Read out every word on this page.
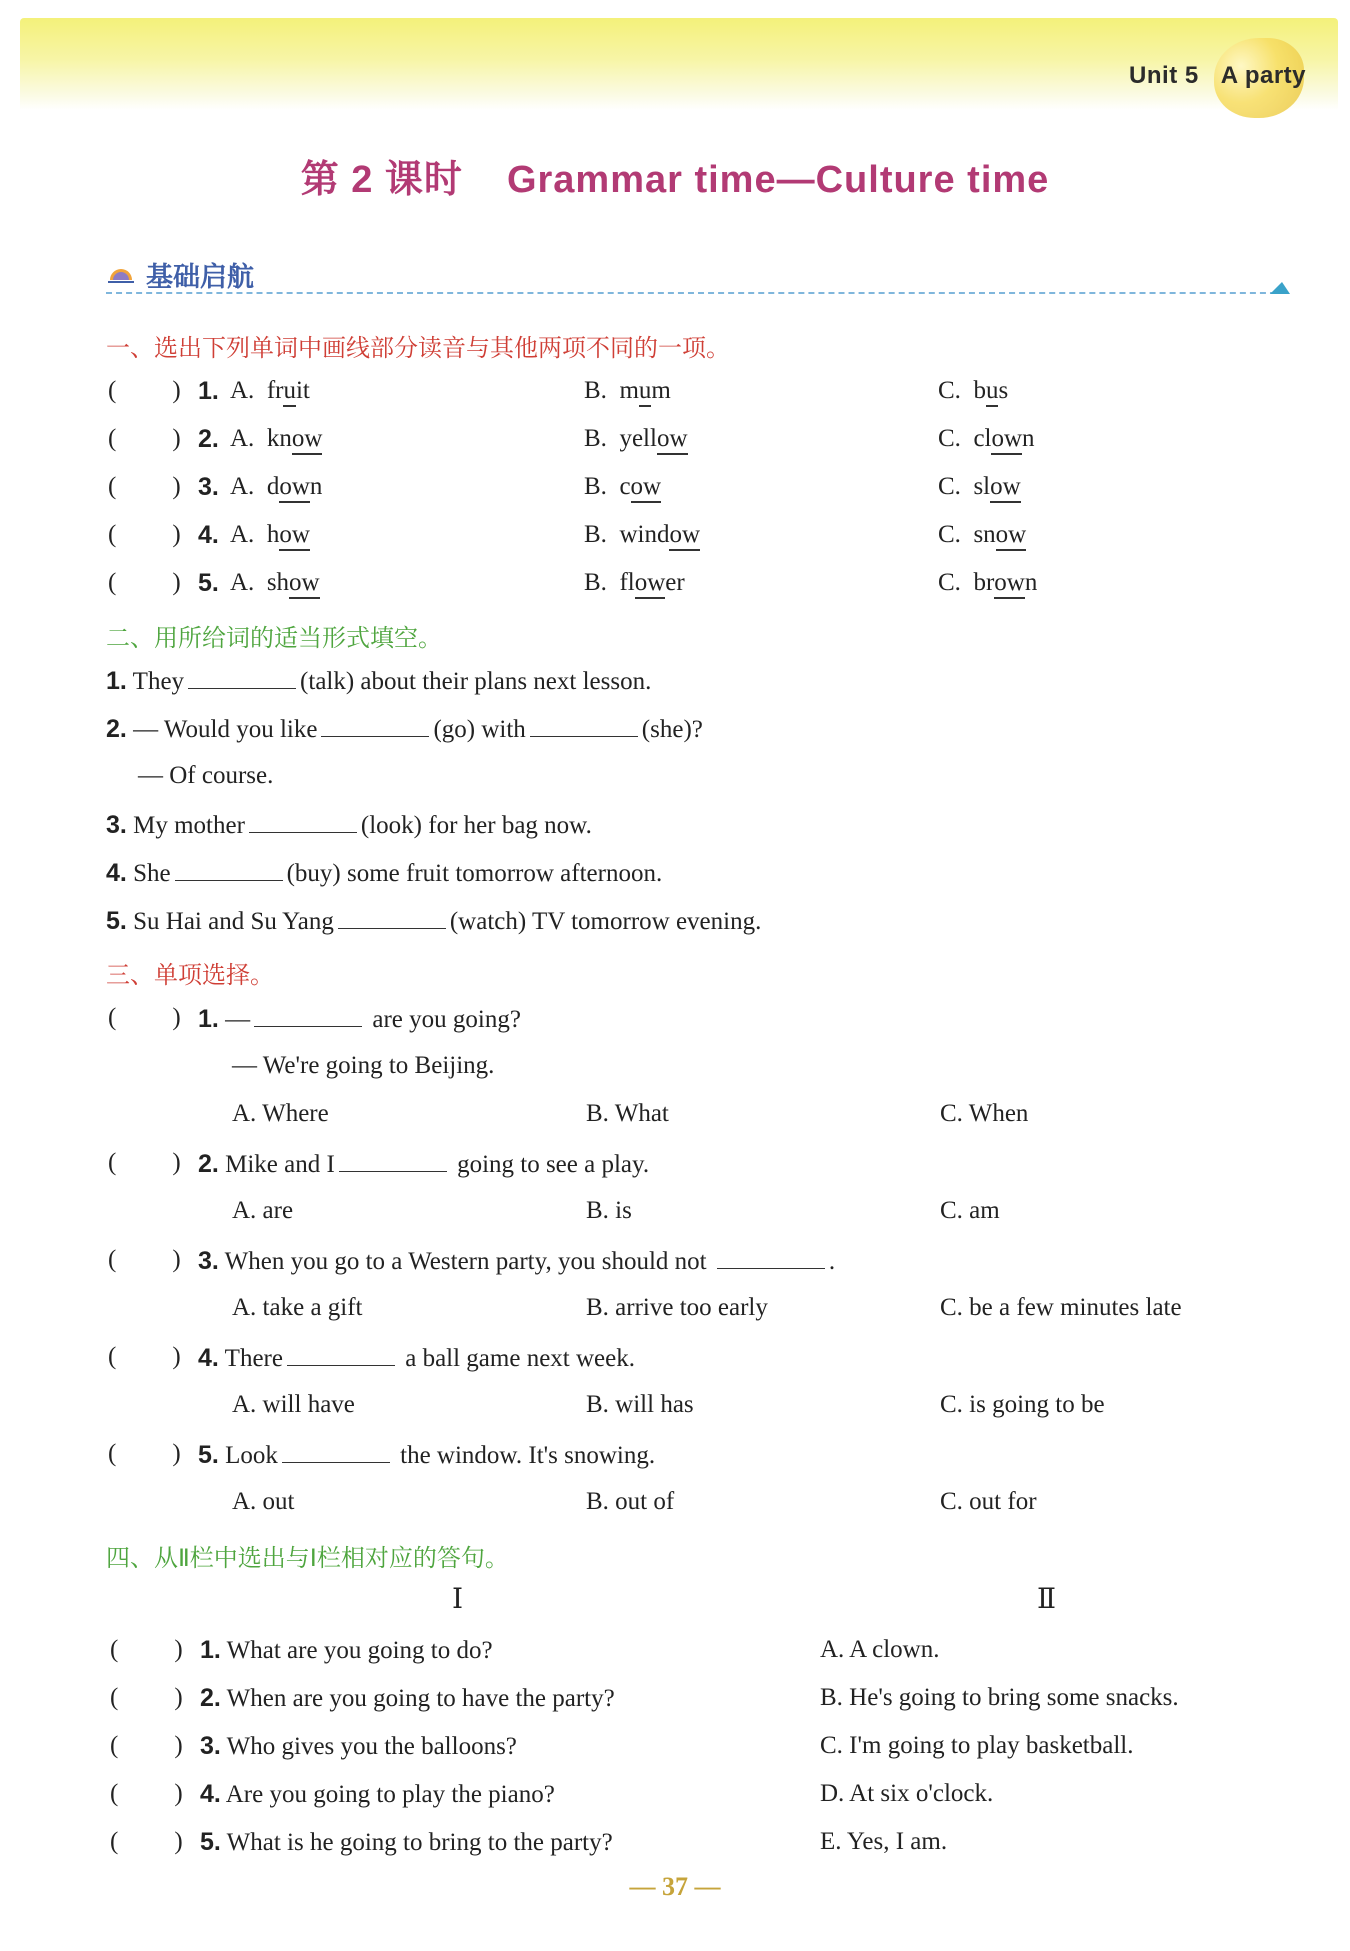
Unit 5 A party
第 2 课时 Grammar time—Culture time
基础启航
一、选出下列单词中画线部分读音与其他两项不同的一项。
( ) 1. A.  fruit	B.  mum	C.  bus
( ) 2. A.  know	B.  yellow	C.  clown
( ) 3. A.  down	B.  cow	C.  slow
( ) 4. A.  how	B.  window	C.  snow
( ) 5. A.  show	B.  flower	C.  brown
二、用所给词的适当形式填空。
1. They	(talk) about their plans next lesson.
2. — Would you like	(go) with	(she)?
— Of course.
3. My mother	(look) for her bag now.
4. She	(buy) some fruit tomorrow afternoon.
5. Su Hai and Su Yang	(watch) TV tomorrow evening.
三、单项选择。
( ) 1. —	are you going?
— We're going to Beijing.
A. Where	B. What	C. When
( ) 2. Mike and I	going to see a play.
A. are	B. is	C. am
( ) 3. When you go to a Western party, you should not	.
A. take a gift	B. arrive too early	C. be a few minutes late
( ) 4. There	a ball game next week.
A. will have	B. will has	C. is going to be
( ) 5. Look	the window. It's snowing.
A. out	B. out of	C. out for
四、从Ⅱ栏中选出与Ⅰ栏相对应的答句。
Ⅰ	Ⅱ
( ) 1. What are you going to do?	A. A clown.
( ) 2. When are you going to have the party?	B. He's going to bring some snacks.
( ) 3. Who gives you the balloons?	C. I'm going to play basketball.
( ) 4. Are you going to play the piano?	D. At six o'clock.
( ) 5. What is he going to bring to the party?	E. Yes, I am.
— 37 —
